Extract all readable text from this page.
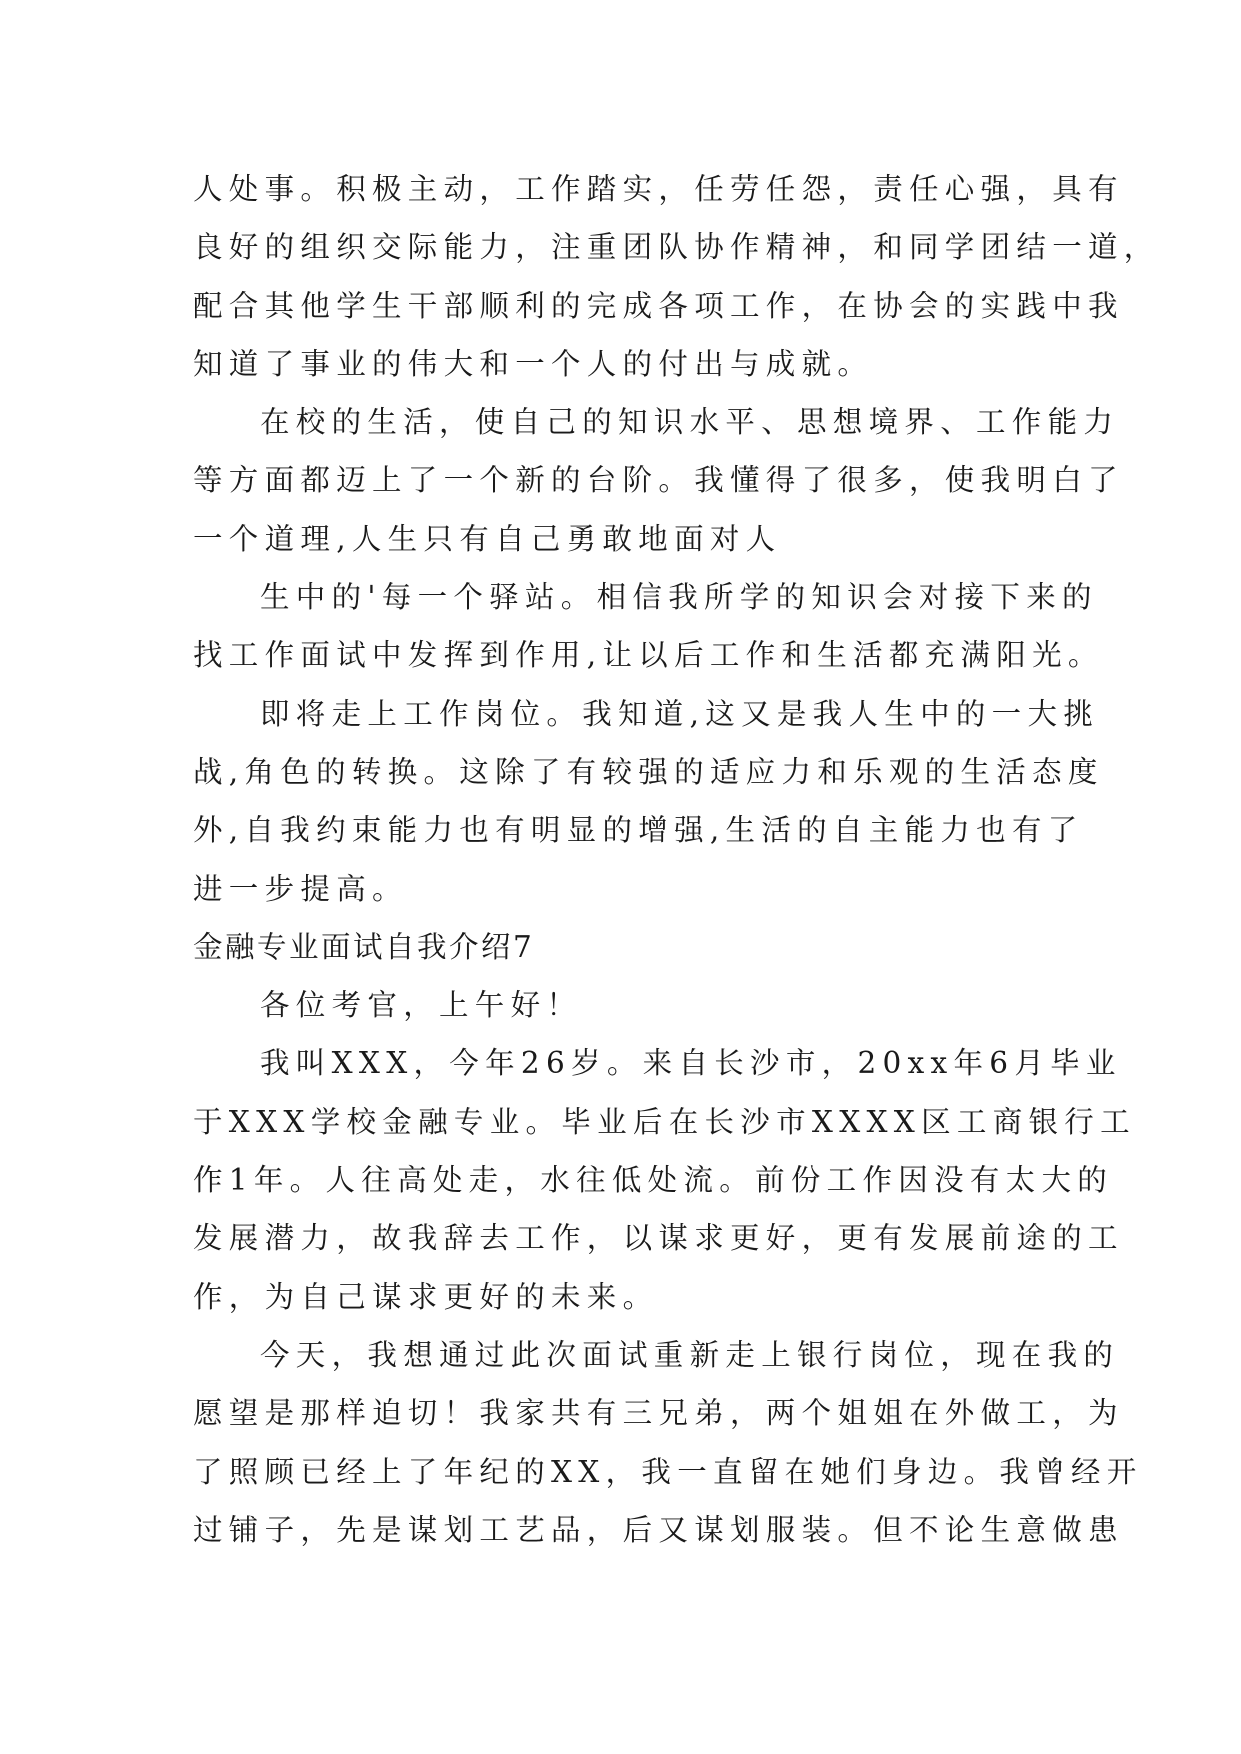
人处事。积极主动，工作踏实，任劳任怨，责任心强，具有
良好的组织交际能力，注重团队协作精神，和同学团结一道，
配合其他学生干部顺利的完成各项工作，在协会的实践中我
知道了事业的伟大和一个人的付出与成就。
在校的生活，使自己的知识水平、思想境界、工作能力
等方面都迈上了一个新的台阶。我懂得了很多，使我明白了
一个道理,人生只有自己勇敢地面对人
生中的'每一个驿站。相信我所学的知识会对接下来的
找工作面试中发挥到作用,让以后工作和生活都充满阳光。
即将走上工作岗位。我知道,这又是我人生中的一大挑
战,角色的转换。这除了有较强的适应力和乐观的生活态度
外,自我约束能力也有明显的增强,生活的自主能力也有了
进一步提高。
金融专业面试自我介绍7
各位考官，上午好！
我叫XXX，今年26岁。来自长沙市，20xx年6月毕业
于XXX学校金融专业。毕业后在长沙市XXXX区工商银行工
作1年。人往高处走，水往低处流。前份工作因没有太大的
发展潜力，故我辞去工作，以谋求更好，更有发展前途的工
作，为自己谋求更好的未来。
今天，我想通过此次面试重新走上银行岗位，现在我的
愿望是那样迫切！我家共有三兄弟，两个姐姐在外做工，为
了照顾已经上了年纪的XX，我一直留在她们身边。我曾经开
过铺子，先是谋划工艺品，后又谋划服装。但不论生意做患
